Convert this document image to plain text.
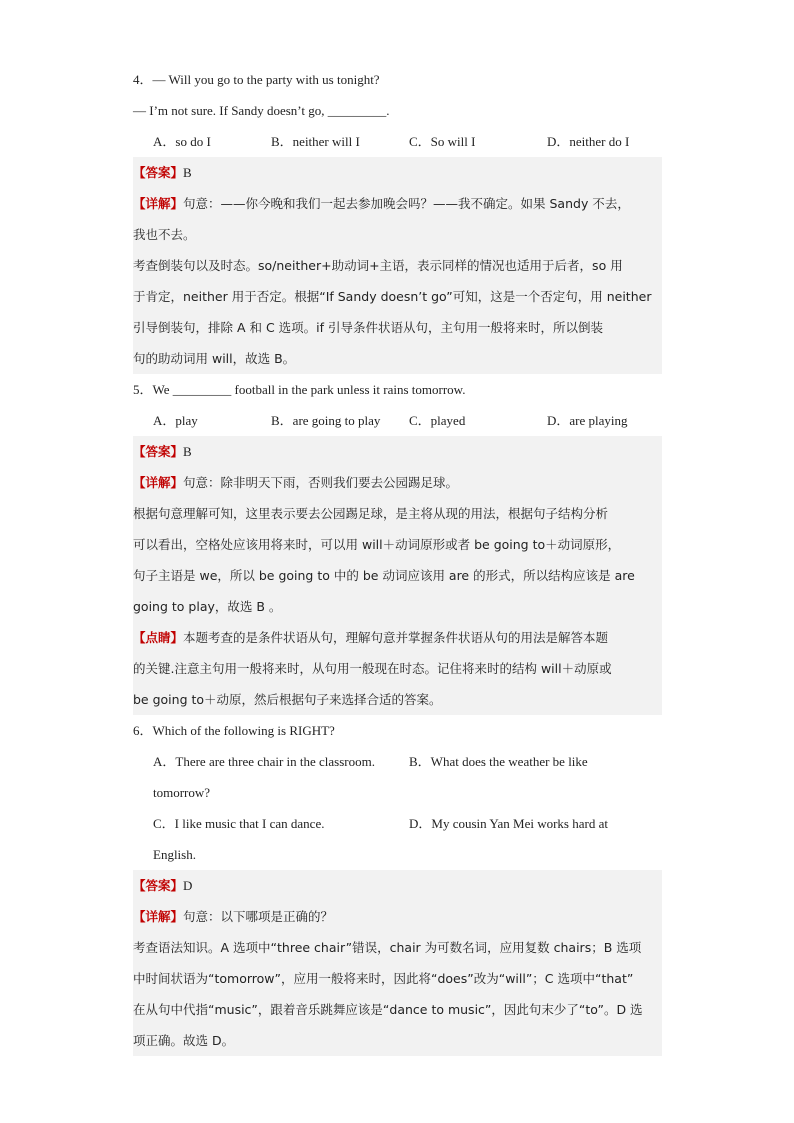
4．— Will you go to the party with us tonight?
— I’m not sure. If Sandy doesn’t go, _________.
A．so do I	B．neither will I	C．So will I	D．neither do I
【答案】B
【详解】句意：——你今晚和我们一起去参加晚会吗？——我不确定。如果 Sandy 不去，
我也不去。
考查倒装句以及时态。so/neither+助动词+主语，表示同样的情况也适用于后者，so 用
于肯定，neither 用于否定。根据“If Sandy doesn’t go”可知，这是一个否定句，用 neither
引导倒装句，排除 A 和 C 选项。if 引导条件状语从句，主句用一般将来时，所以倒装
句的助动词用 will，故选 B。
5．We _________ football in the park unless it rains tomorrow.
A．play	B．are going to play	C．played	D．are playing
【答案】B
【详解】句意：除非明天下雨，否则我们要去公园踢足球。
根据句意理解可知，这里表示要去公园踢足球，是主将从现的用法，根据句子结构分析
可以看出，空格处应该用将来时，可以用 will＋动词原形或者 be going to＋动词原形，
句子主语是 we，所以 be going to 中的 be 动词应该用 are 的形式，所以结构应该是 are
going to play，故选 B 。
【点睛】本题考查的是条件状语从句，理解句意并掌握条件状语从句的用法是解答本题
的关键.注意主句用一般将来时，从句用一般现在时态。记住将来时的结构 will＋动原或
be going to＋动原，然后根据句子来选择合适的答案。
6．Which of the following is RIGHT?
A．There are three chair in the classroom.	B．What does the weather be like
tomorrow?
C．I like music that I can dance.	D．My cousin Yan Mei works hard at
English.
【答案】D
【详解】句意：以下哪项是正确的？
考查语法知识。A 选项中“three chair”错误，chair 为可数名词，应用复数 chairs；B 选项
中时间状语为“tomorrow”，应用一般将来时，因此将“does”改为“will”；C 选项中“that”
在从句中代指“music”，跟着音乐跳舞应该是“dance to music”，因此句末少了“to”。D 选
项正确。故选 D。
